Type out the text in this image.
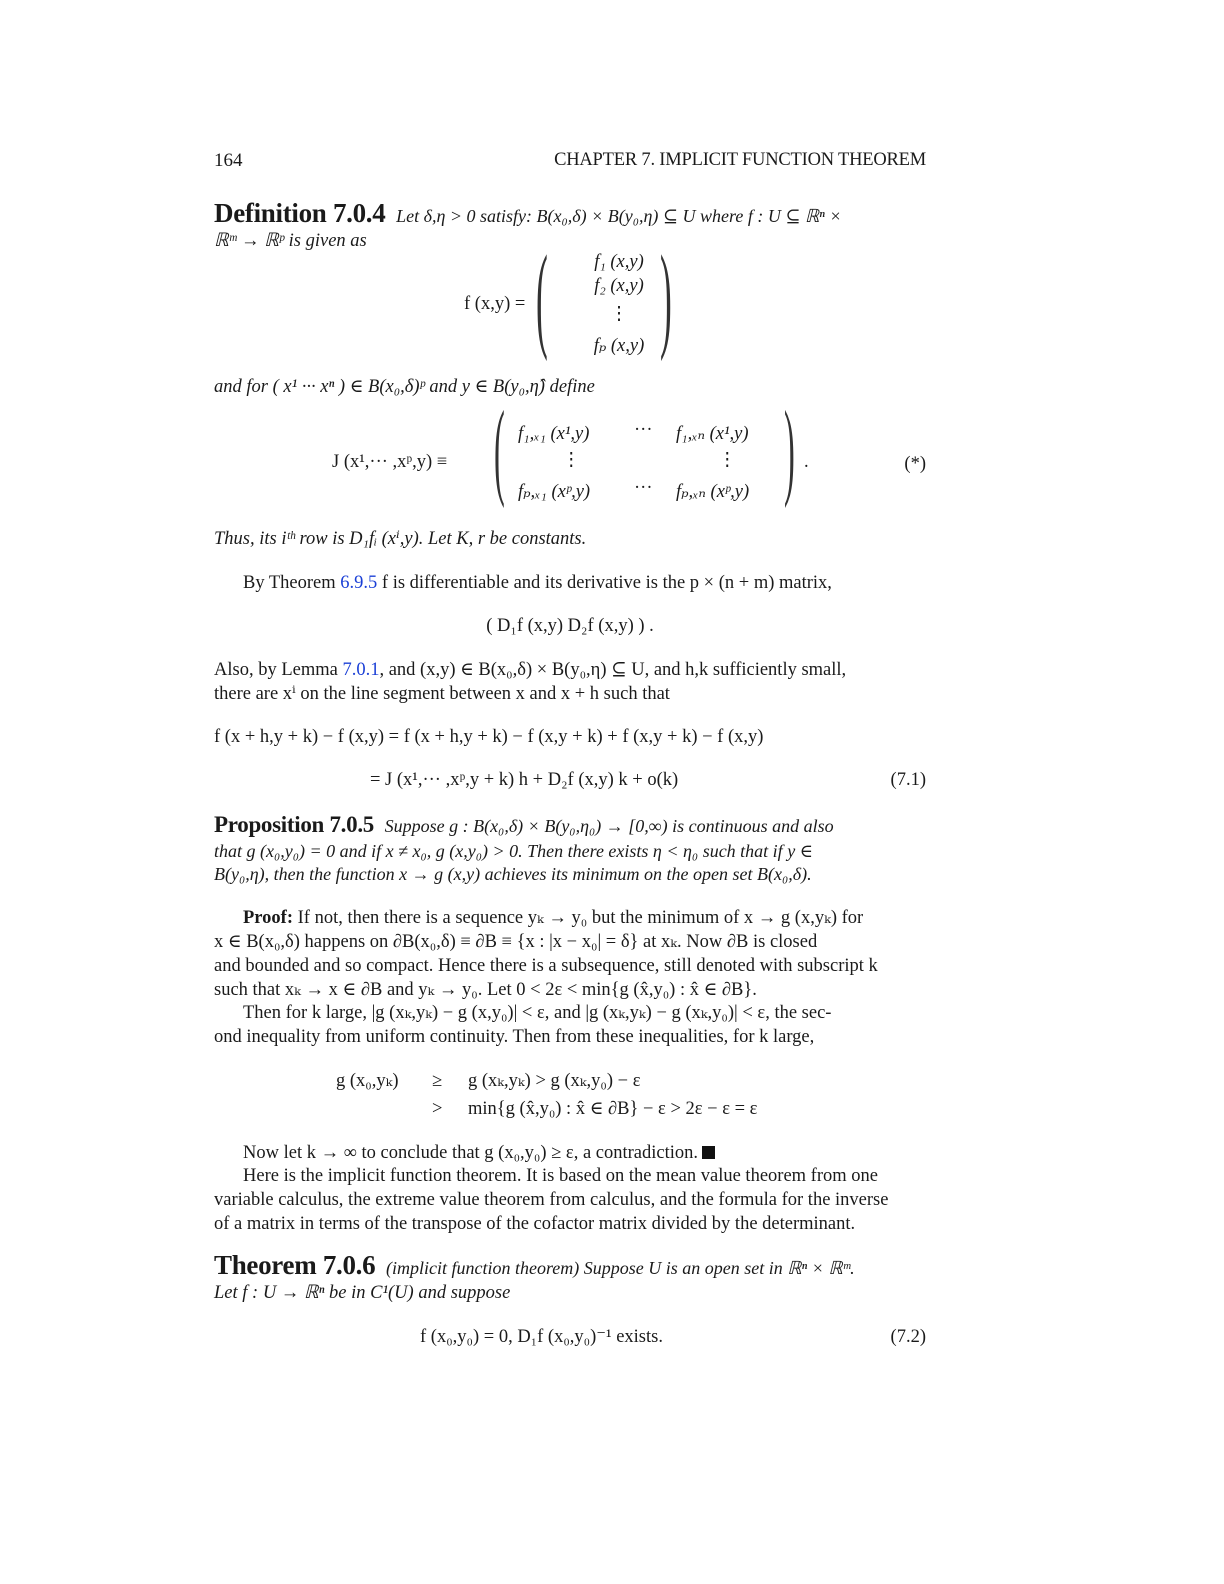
164	CHAPTER 7. IMPLICIT FUNCTION THEOREM
Definition 7.0.4 Let δ,η > 0 satisfy: B(x₀,δ) × B(y₀,η) ⊆ U where f : U ⊆ ℝⁿ ×
ℝᵐ → ℝᵖ is given as
f (x,y) = (	f₁ (x,y)
f₂ (x,y)
⋮
fₚ (x,y) )
and for ( x¹ ··· xⁿ ) ∈ B(x₀,δ)ᵖ and y ∈ B(y₀,η̂) define
J (x¹,··· ,xᵖ,y) ≡ ( f₁,ₓ₁ (x¹,y) ··· f₁,ₓₙ (x¹,y)
⋮	⋮
fₚ,ₓ₁ (xᵖ,y) ··· fₚ,ₓₙ (xᵖ,y) ) .	(*)
Thus, its iᵗʰ row is D₁fᵢ (xⁱ,y). Let K, r be constants.
By Theorem 6.9.5 f is differentiable and its derivative is the p × (n + m) matrix,
( D₁f (x,y) D₂f (x,y) ) .
Also, by Lemma 7.0.1, and (x,y) ∈ B(x₀,δ) × B(y₀,η) ⊆ U, and h,k sufficiently small,
there are xⁱ on the line segment between x and x + h such that
f (x + h,y + k) − f (x,y) = f (x + h,y + k) − f (x,y + k) + f (x,y + k) − f (x,y)
= J (x¹,··· ,xᵖ,y + k) h + D₂f (x,y) k + o(k)	(7.1)
Proposition 7.0.5 Suppose g : B(x₀,δ) × B(y₀,η₀) → [0,∞) is continuous and also
that g (x₀,y₀) = 0 and if x ≠ x₀, g (x,y₀) > 0. Then there exists η < η₀ such that if y ∈
B(y₀,η), then the function x → g (x,y) achieves its minimum on the open set B(x₀,δ).
Proof: If not, then there is a sequence yₖ → y₀ but the minimum of x → g (x,yₖ) for
x ∈ B(x₀,δ) happens on ∂B(x₀,δ) ≡ ∂B ≡ {x : |x − x₀| = δ} at xₖ. Now ∂B is closed
and bounded and so compact. Hence there is a subsequence, still denoted with subscript k
such that xₖ → x ∈ ∂B and yₖ → y₀. Let 0 < 2ε < min{g (x̂,y₀) : x̂ ∈ ∂B}.
Then for k large, |g (xₖ,yₖ) − g (x,y₀)| < ε, and |g (xₖ,yₖ) − g (xₖ,y₀)| < ε, the sec-
ond inequality from uniform continuity. Then from these inequalities, for k large,
g (x₀,yₖ) ≥ g (xₖ,yₖ) > g (xₖ,y₀) − ε
> min{g (x̂,y₀) : x̂ ∈ ∂B} − ε > 2ε − ε = ε
Now let k → ∞ to conclude that g (x₀,y₀) ≥ ε, a contradiction.
Here is the implicit function theorem. It is based on the mean value theorem from one
variable calculus, the extreme value theorem from calculus, and the formula for the inverse
of a matrix in terms of the transpose of the cofactor matrix divided by the determinant.
Theorem 7.0.6 (implicit function theorem) Suppose U is an open set in ℝⁿ × ℝᵐ.
Let f : U → ℝⁿ be in C¹(U) and suppose
f (x₀,y₀) = 0, D₁f (x₀,y₀)⁻¹ exists.	(7.2)
